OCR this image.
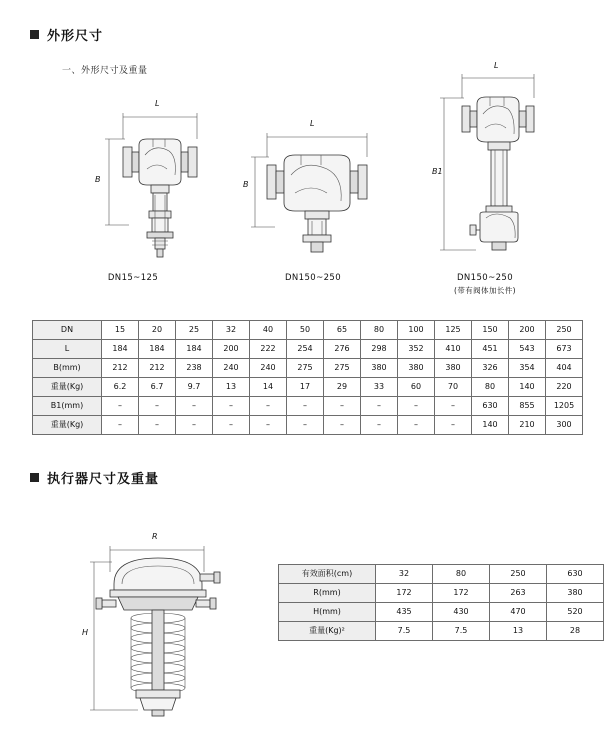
外形尺寸
一、外形尺寸及重量
L
B
DN15~125
L
B
DN150~250
L
B1
DN150~250
(带有阀体加长件)
DN	15	20	25	32	40	50	65	80	100	125	150	200	250
L	184	184	184	200	222	254	276	298	352	410	451	543	673
B(mm)	212	212	238	240	240	275	275	380	380	380	326	354	404
重量(Kg)	6.2	6.7	9.7	13	14	17	29	33	60	70	80	140	220
B1(mm)	–	–	–	–	–	–	–	–	–	–	630	855	1205
重量(Kg)	–	–	–	–	–	–	–	–	–	–	140	210	300
执行器尺寸及重量
R
H
有效面积(cm)	32	80	250	630
R(mm)	172	172	263	380
H(mm)	435	430	470	520
重量(Kg)²	7.5	7.5	13	28
